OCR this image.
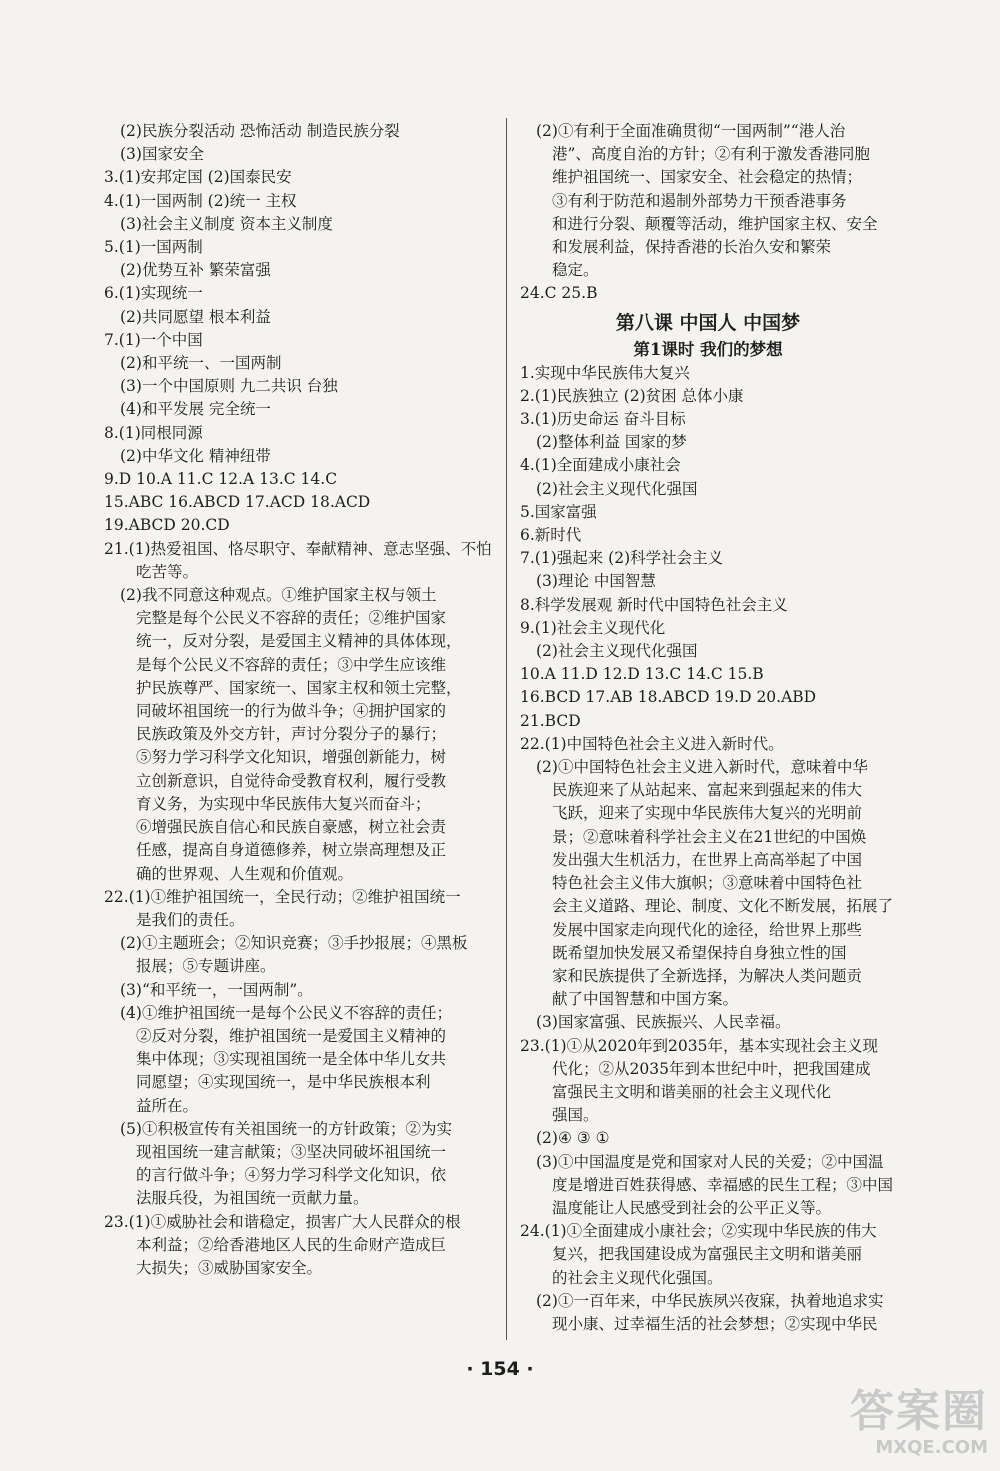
(2)民族分裂活动 恐怖活动 制造民族分裂
(3)国家安全
3.(1)安邦定国 (2)国泰民安
4.(1)一国两制 (2)统一 主权
(3)社会主义制度 资本主义制度
5.(1)一国两制
(2)优势互补 繁荣富强
6.(1)实现统一
(2)共同愿望 根本利益
7.(1)一个中国
(2)和平统一、一国两制
(3)一个中国原则 九二共识 台独
(4)和平发展 完全统一
8.(1)同根同源
(2)中华文化 精神纽带
9.D 10.A 11.C 12.A 13.C 14.C
15.ABC 16.ABCD 17.ACD 18.ACD
19.ABCD 20.CD
21.(1)热爱祖国、恪尽职守、奉献精神、意志坚强、不怕
吃苦等。
(2)我不同意这种观点。①维护国家主权与领土
完整是每个公民义不容辞的责任；②维护国家
统一，反对分裂，是爱国主义精神的具体体现，
是每个公民义不容辞的责任；③中学生应该维
护民族尊严、国家统一、国家主权和领土完整，
同破坏祖国统一的行为做斗争；④拥护国家的
民族政策及外交方针，声讨分裂分子的暴行；
⑤努力学习科学文化知识，增强创新能力，树
立创新意识，自觉待命受教育权利，履行受教
育义务，为实现中华民族伟大复兴而奋斗；
⑥增强民族自信心和民族自豪感，树立社会责
任感，提高自身道德修养，树立崇高理想及正
确的世界观、人生观和价值观。
22.(1)①维护祖国统一，全民行动；②维护祖国统一
是我们的责任。
(2)①主题班会；②知识竞赛；③手抄报展；④黑板
报展；⑤专题讲座。
(3)“和平统一，一国两制”。
(4)①维护祖国统一是每个公民义不容辞的责任；
②反对分裂，维护祖国统一是爱国主义精神的
集中体现；③实现祖国统一是全体中华儿女共
同愿望；④实现国统一，是中华民族根本利
益所在。
(5)①积极宣传有关祖国统一的方针政策；②为实
现祖国统一建言献策；③坚决同破坏祖国统一
的言行做斗争；④努力学习科学文化知识，依
法服兵役，为祖国统一贡献力量。
23.(1)①威胁社会和谐稳定，损害广大人民群众的根
本利益；②给香港地区人民的生命财产造成巨
大损失；③威胁国家安全。
(2)①有利于全面准确贯彻“一国两制”“港人治
港”、高度自治的方针；②有利于激发香港同胞
维护祖国统一、国家安全、社会稳定的热情；
③有利于防范和遏制外部势力干预香港事务
和进行分裂、颠覆等活动，维护国家主权、安全
和发展利益，保持香港的长治久安和繁荣
稳定。
24.C 25.B
第八课 中国人 中国梦
第1课时 我们的梦想
1.实现中华民族伟大复兴
2.(1)民族独立 (2)贫困 总体小康
3.(1)历史命运 奋斗目标
(2)整体利益 国家的梦
4.(1)全面建成小康社会
(2)社会主义现代化强国
5.国家富强
6.新时代
7.(1)强起来 (2)科学社会主义
(3)理论 中国智慧
8.科学发展观 新时代中国特色社会主义
9.(1)社会主义现代化
(2)社会主义现代化强国
10.A 11.D 12.D 13.C 14.C 15.B
16.BCD 17.AB 18.ABCD 19.D 20.ABD
21.BCD
22.(1)中国特色社会主义进入新时代。
(2)①中国特色社会主义进入新时代，意味着中华
民族迎来了从站起来、富起来到强起来的伟大
飞跃，迎来了实现中华民族伟大复兴的光明前
景；②意味着科学社会主义在21世纪的中国焕
发出强大生机活力，在世界上高高举起了中国
特色社会主义伟大旗帜；③意味着中国特色社
会主义道路、理论、制度、文化不断发展，拓展了
发展中国家走向现代化的途径，给世界上那些
既希望加快发展又希望保持自身独立性的国
家和民族提供了全新选择，为解决人类问题贡
献了中国智慧和中国方案。
(3)国家富强、民族振兴、人民幸福。
23.(1)①从2020年到2035年，基本实现社会主义现
代化；②从2035年到本世纪中叶，把我国建成
富强民主文明和谐美丽的社会主义现代化
强国。
(2)④ ③ ①
(3)①中国温度是党和国家对人民的关爱；②中国温
度是增进百姓获得感、幸福感的民生工程；③中国
温度能让人民感受到社会的公平正义等。
24.(1)①全面建成小康社会；②实现中华民族的伟大
复兴，把我国建设成为富强民主文明和谐美丽
的社会主义现代化强国。
(2)①一百年来，中华民族夙兴夜寐，执着地追求实
现小康、过幸福生活的社会梦想；②实现中华民
· 154 ·
答案圈
MXQE.COM
